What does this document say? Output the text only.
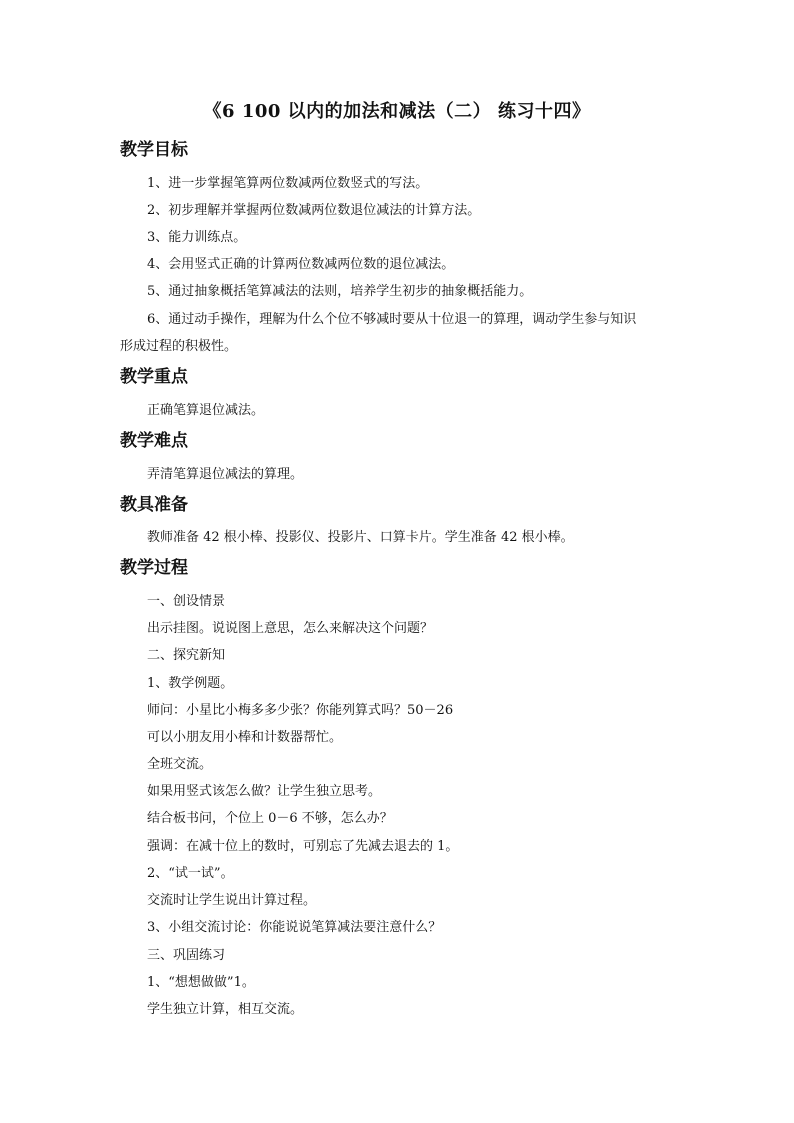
《6 100 以内的加法和减法（二） 练习十四》
教学目标
1、进一步掌握笔算两位数减两位数竖式的写法。
2、初步理解并掌握两位数减两位数退位减法的计算方法。
3、能力训练点。
4、会用竖式正确的计算两位数减两位数的退位减法。
5、通过抽象概括笔算减法的法则，培养学生初步的抽象概括能力。
6、通过动手操作，理解为什么个位不够减时要从十位退一的算理，调动学生参与知识
形成过程的积极性。
教学重点
正确笔算退位减法。
教学难点
弄清笔算退位减法的算理。
教具准备
教师准备 42 根小棒、投影仪、投影片、口算卡片。学生准备 42 根小棒。
教学过程
一、创设情景
出示挂图。说说图上意思，怎么来解决这个问题？
二、探究新知
1、教学例题。
师问：小星比小梅多多少张？你能列算式吗？50－26
可以小朋友用小棒和计数器帮忙。
全班交流。
如果用竖式该怎么做？让学生独立思考。
结合板书问，个位上 0－6 不够，怎么办？
强调：在减十位上的数时，可别忘了先减去退去的 1。
2、“试一试”。
交流时让学生说出计算过程。
3、小组交流讨论：你能说说笔算减法要注意什么？
三、巩固练习
1、“想想做做”1。
学生独立计算，相互交流。
